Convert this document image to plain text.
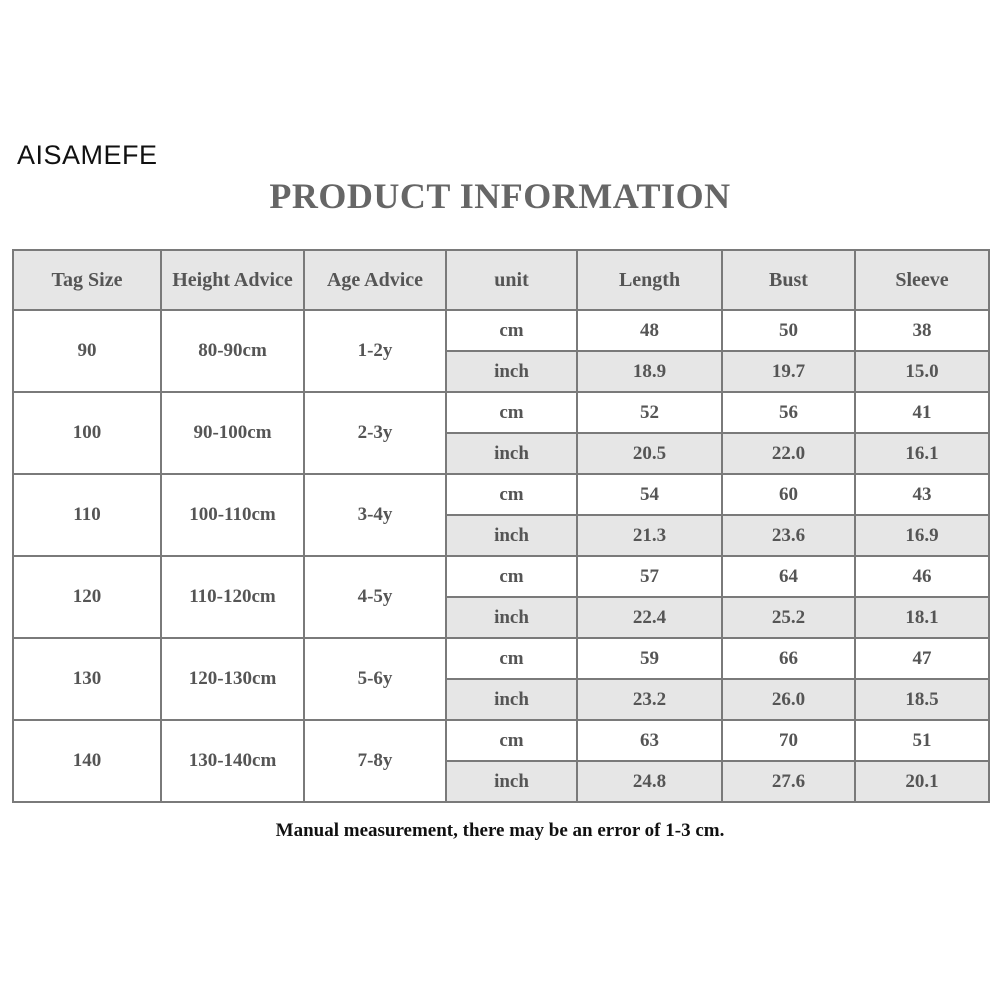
AISAMEFE
PRODUCT INFORMATION
Tag Size	Height Advice	Age Advice	unit	Length	Bust	Sleeve
90	80-90cm	1-2y	cm	48	50	38
			inch	18.9	19.7	15.0
100	90-100cm	2-3y	cm	52	56	41
			inch	20.5	22.0	16.1
110	100-110cm	3-4y	cm	54	60	43
			inch	21.3	23.6	16.9
120	110-120cm	4-5y	cm	57	64	46
			inch	22.4	25.2	18.1
130	120-130cm	5-6y	cm	59	66	47
			inch	23.2	26.0	18.5
140	130-140cm	7-8y	cm	63	70	51
			inch	24.8	27.6	20.1
Manual measurement, there may be an error of 1-3 cm.
